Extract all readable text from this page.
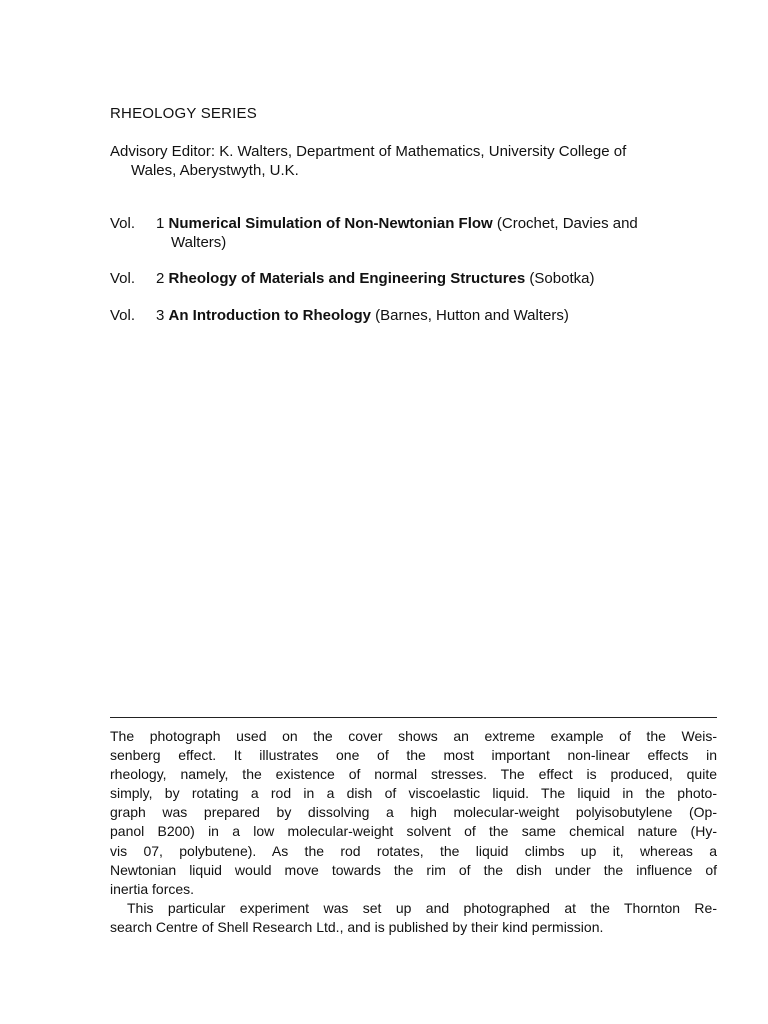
RHEOLOGY SERIES
Advisory Editor: K. Walters, Department of Mathematics, University College of
Wales, Aberystwyth, U.K.
Vol. 1 Numerical Simulation of Non-Newtonian Flow (Crochet, Davies and
Walters)
Vol. 2 Rheology of Materials and Engineering Structures (Sobotka)
Vol. 3 An Introduction to Rheology (Barnes, Hutton and Walters)
The photograph used on the cover shows an extreme example of the Weis-
senberg effect. It illustrates one of the most important non-linear effects in
rheology, namely, the existence of normal stresses. The effect is produced, quite
simply, by rotating a rod in a dish of viscoelastic liquid. The liquid in the photo-
graph was prepared by dissolving a high molecular-weight polyisobutylene (Op-
panol B200) in a low molecular-weight solvent of the same chemical nature (Hy-
vis 07, polybutene). As the rod rotates, the liquid climbs up it, whereas a
Newtonian liquid would move towards the rim of the dish under the influence of
inertia forces.
This particular experiment was set up and photographed at the Thornton Re-
search Centre of Shell Research Ltd., and is published by their kind permission.
